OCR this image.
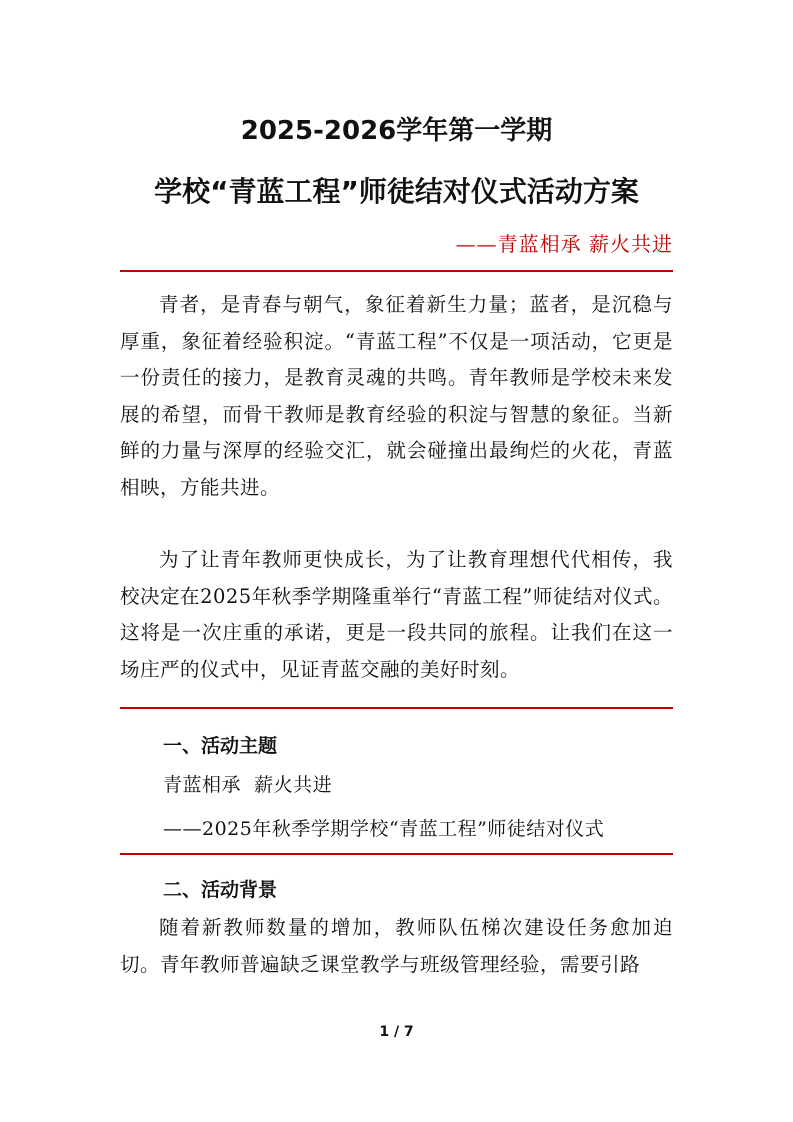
2025-2026学年第一学期
学校“青蓝工程”师徒结对仪式活动方案
——青蓝相承 薪火共进

青者，是青春与朝气，象征着新生力量；蓝者，是沉稳与厚重，象征着经验积淀。“青蓝工程”不仅是一项活动，它更是一份责任的接力，是教育灵魂的共鸣。青年教师是学校未来发展的希望，而骨干教师是教育经验的积淀与智慧的象征。当新鲜的力量与深厚的经验交汇，就会碰撞出最绚烂的火花，青蓝相映，方能共进。

为了让青年教师更快成长，为了让教育理想代代相传，我校决定在2025年秋季学期隆重举行“青蓝工程”师徒结对仪式。这将是一次庄重的承诺，更是一段共同的旅程。让我们在这一场庄严的仪式中，见证青蓝交融的美好时刻。

一、活动主题
青蓝相承  薪火共进
——2025年秋季学期学校“青蓝工程”师徒结对仪式
二、活动背景

随着新教师数量的增加，教师队伍梯次建设任务愈加迫切。青年教师普遍缺乏课堂教学与班级管理经验，需要引路

1 / 7
